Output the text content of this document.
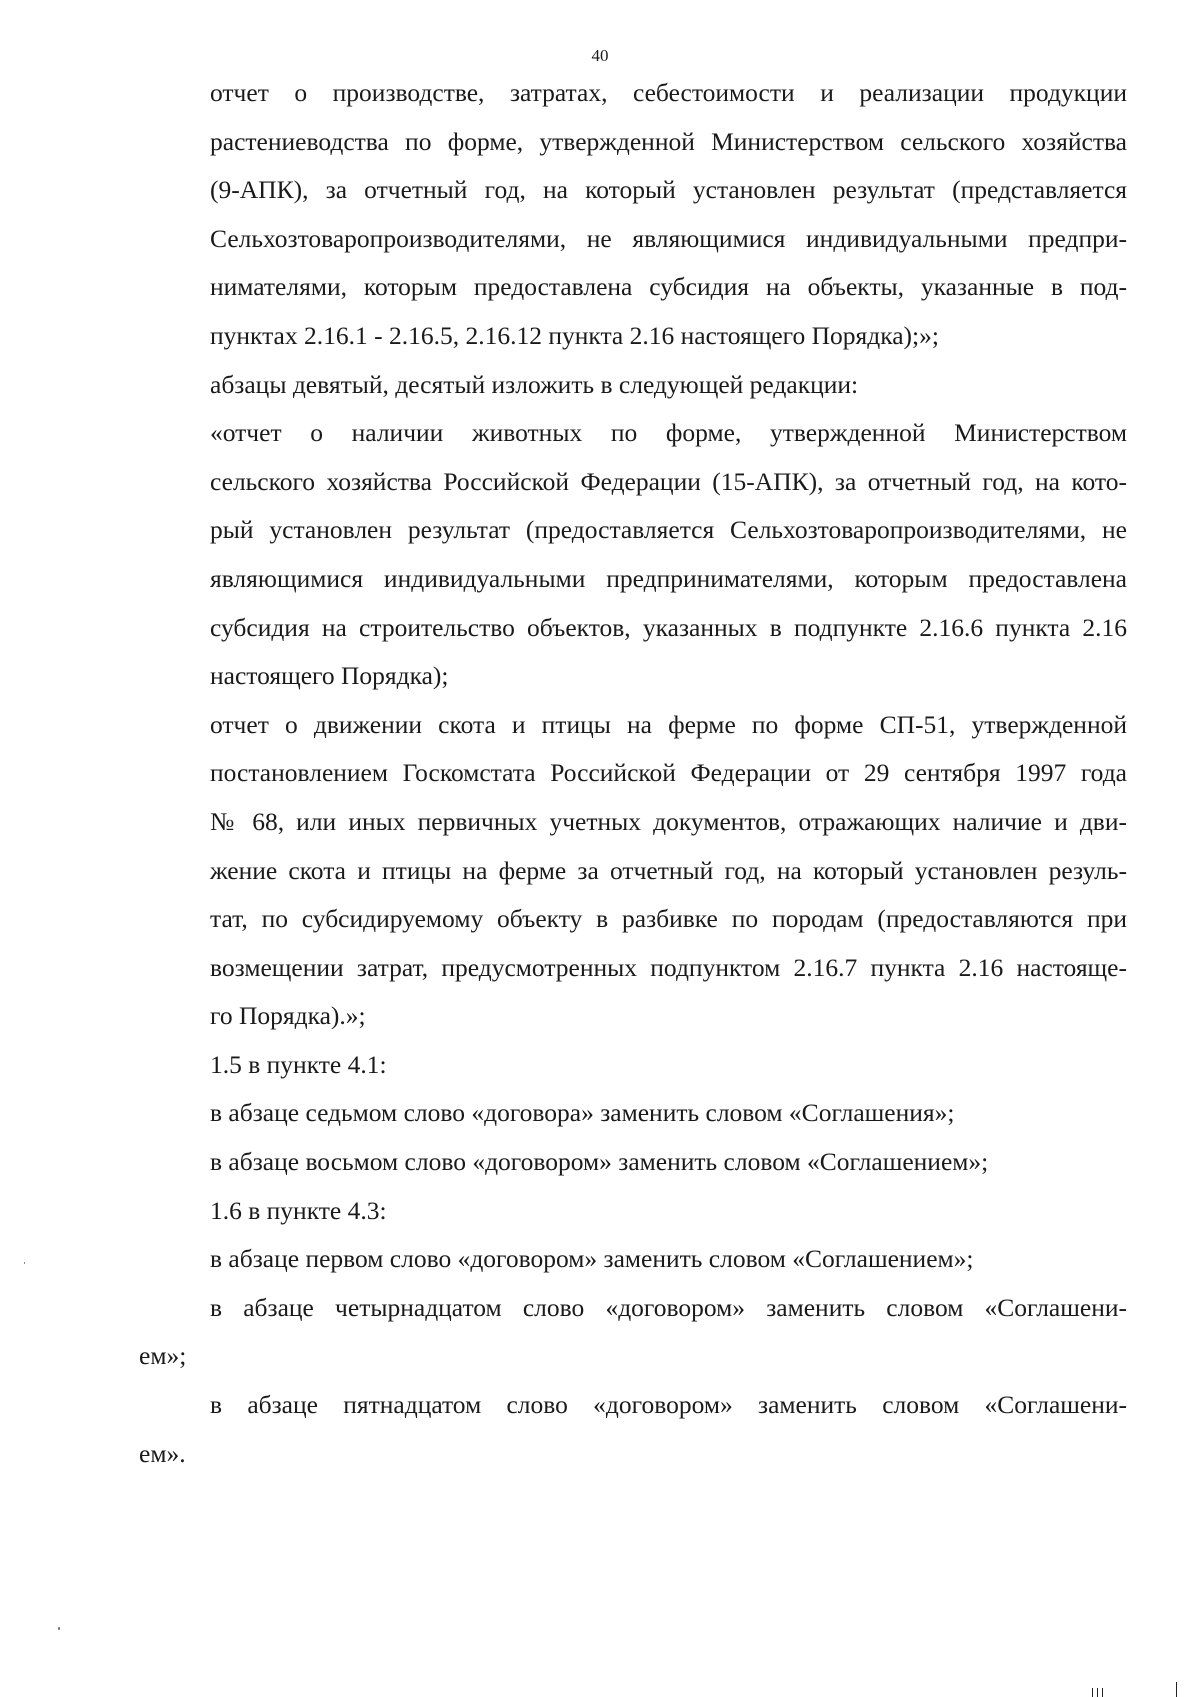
40

отчет о производстве, затратах, себестоимости и реализации продукции
растениеводства по форме, утвержденной Министерством сельского хозяйства
(9-АПК), за отчетный год, на который установлен результат (представляется
Сельхозтоваропроизводителями, не являющимися индивидуальными предпри-
нимателями, которым предоставлена субсидия на объекты, указанные в под-
пунктах 2.16.1 - 2.16.5, 2.16.12 пункта 2.16 настоящего Порядка);»;

абзацы девятый, десятый изложить в следующей редакции:

«отчет о наличии животных по форме, утвержденной Министерством
сельского хозяйства Российской Федерации (15-АПК), за отчетный год, на кото-
рый установлен результат (предоставляется Сельхозтоваропроизводителями, не
являющимися индивидуальными предпринимателями, которым предоставлена
субсидия на строительство объектов, указанных в подпункте 2.16.6 пункта 2.16
настоящего Порядка);

отчет о движении скота и птицы на ферме по форме СП-51, утвержденной
постановлением Госкомстата Российской Федерации от 29 сентября 1997 года
№ 68, или иных первичных учетных документов, отражающих наличие и дви-
жение скота и птицы на ферме за отчетный год, на который установлен резуль-
тат, по субсидируемому объекту в разбивке по породам (предоставляются при
возмещении затрат, предусмотренных подпунктом 2.16.7 пункта 2.16 настояще-
го Порядка).»;

1.5 в пункте 4.1:

в абзаце седьмом слово «договора» заменить словом «Соглашения»;

в абзаце восьмом слово «договором» заменить словом «Соглашением»;

1.6 в пункте 4.3:

в абзаце первом слово «договором» заменить словом «Соглашением»;

в абзаце четырнадцатом слово «договором» заменить словом «Соглашени-
ем»;

в абзаце пятнадцатом слово «договором» заменить словом «Соглашени-
ем».
